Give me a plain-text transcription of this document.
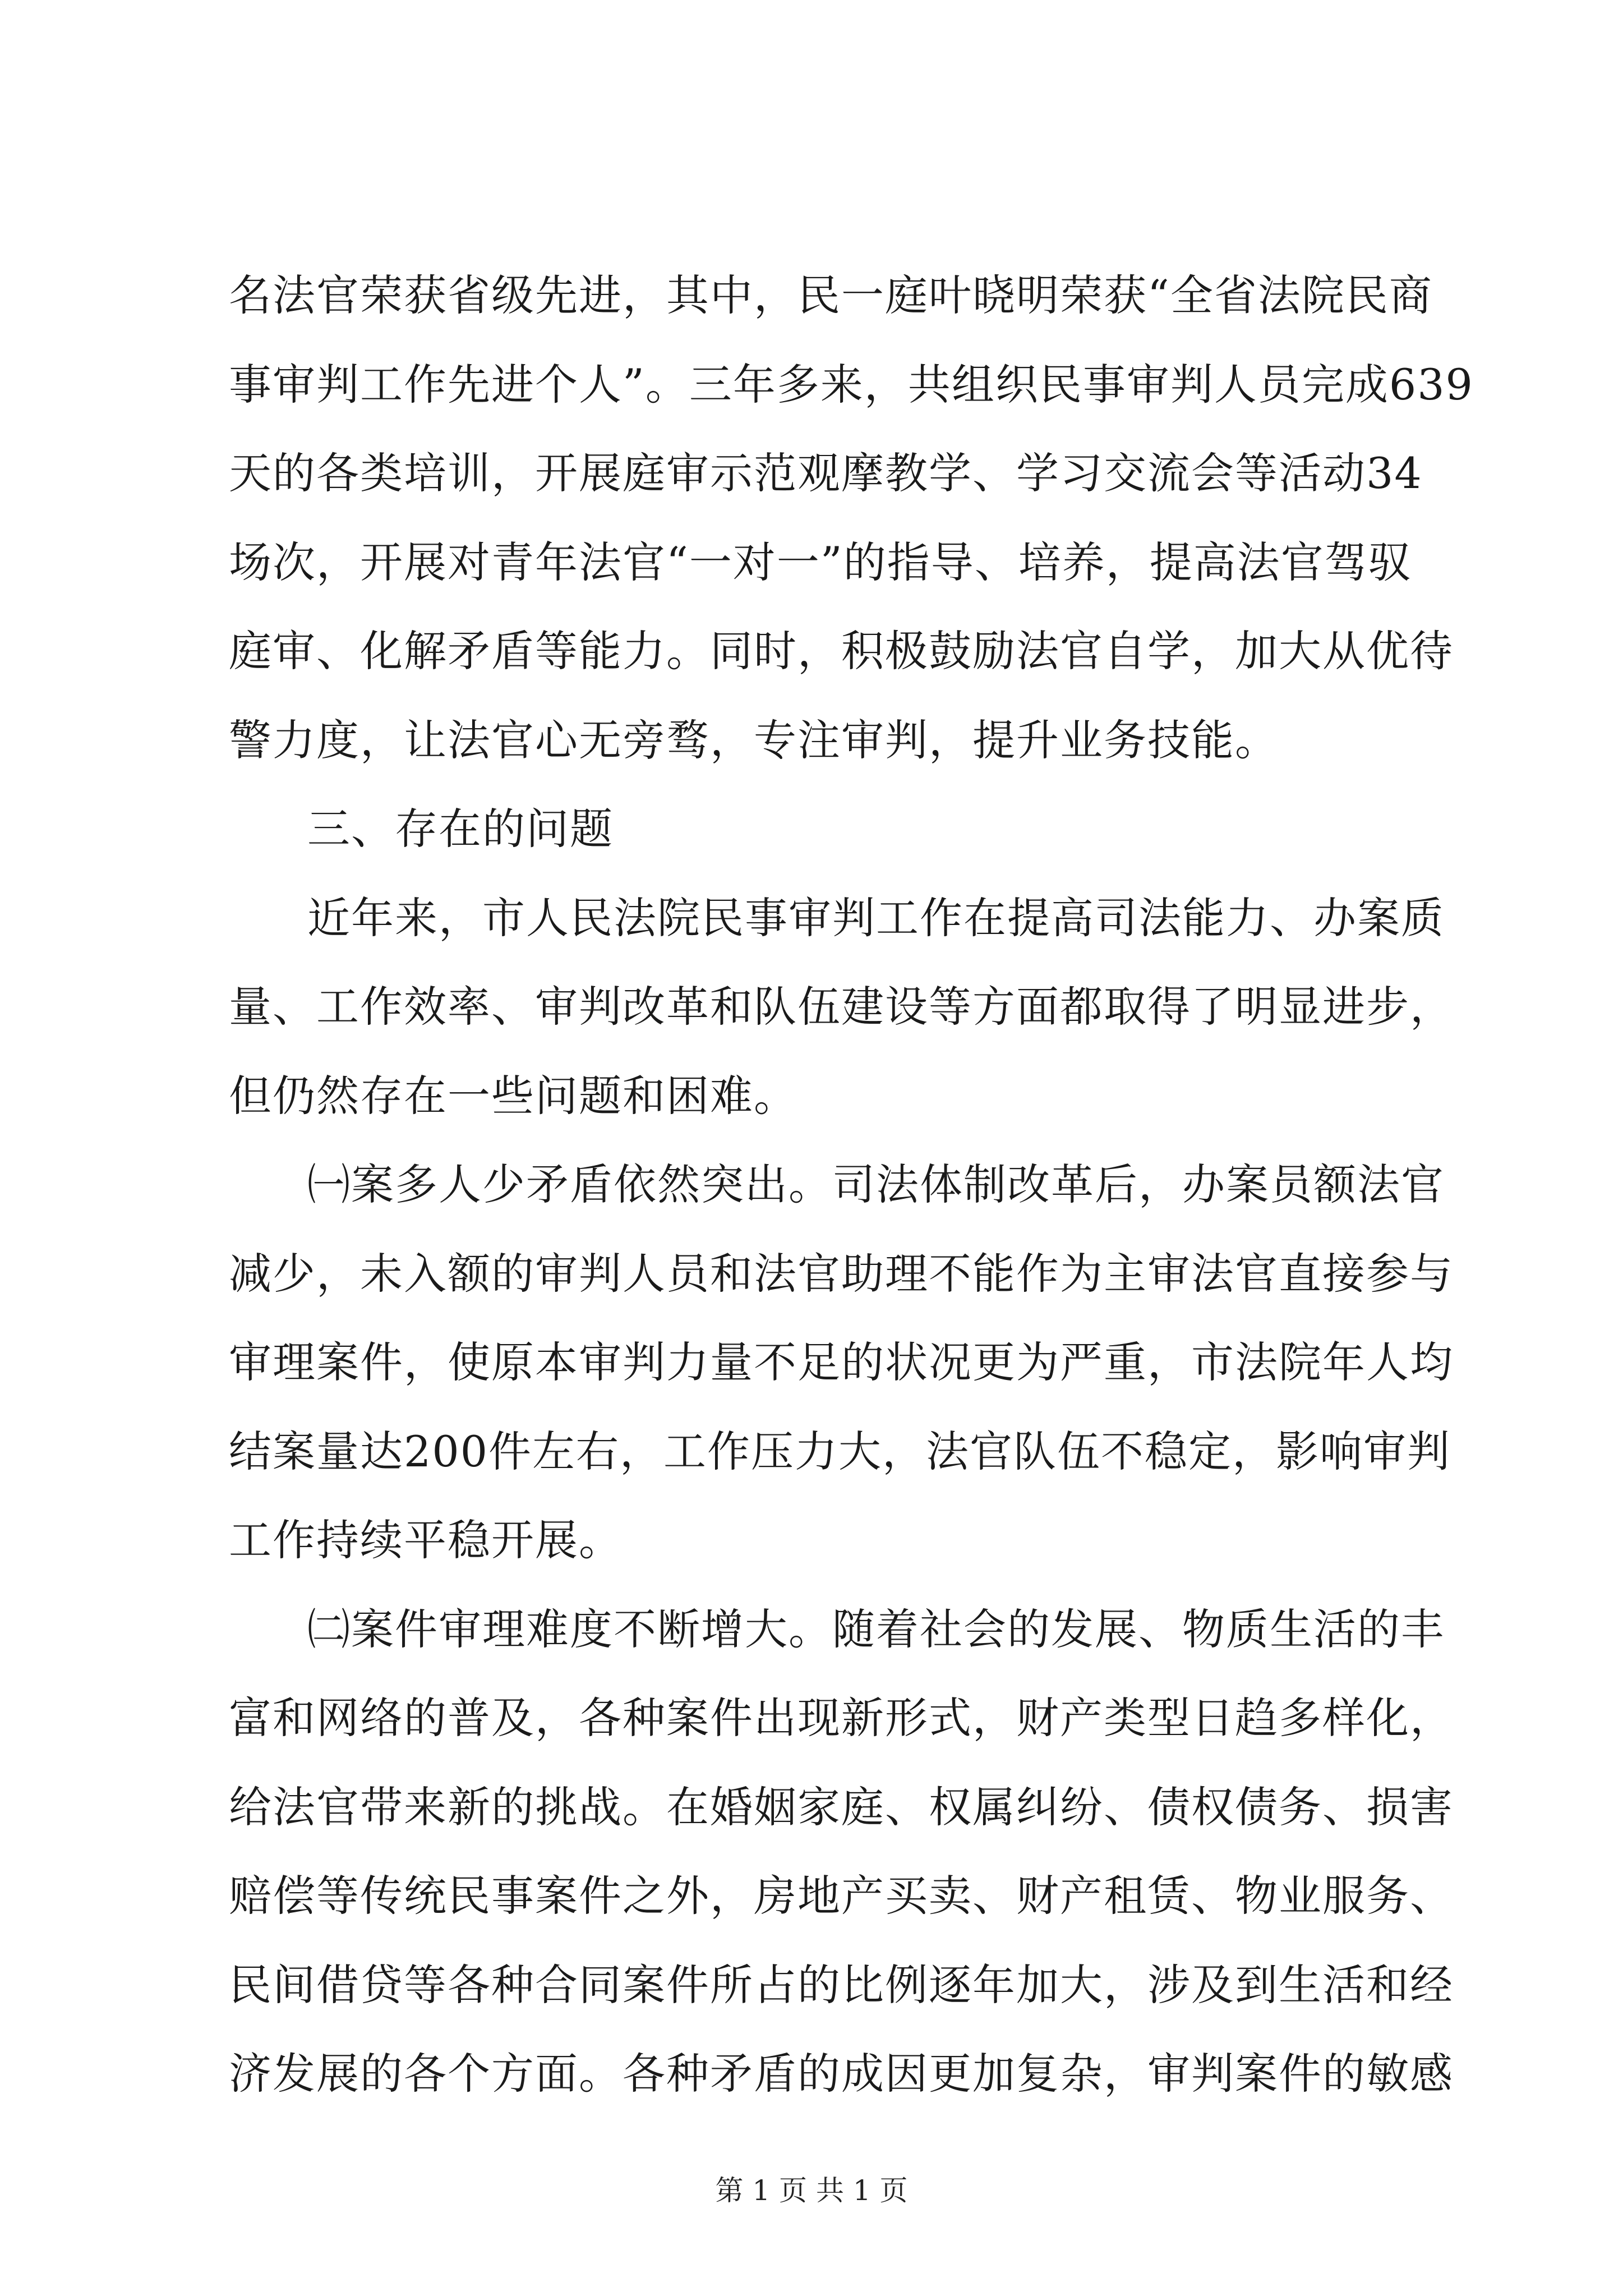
名法官荣获省级先进，其中，民一庭叶晓明荣获“全省法院民商
事审判工作先进个人”。三年多来，共组织民事审判人员完成639
天的各类培训，开展庭审示范观摩教学、学习交流会等活动34
场次，开展对青年法官“一对一”的指导、培养，提高法官驾驭
庭审、化解矛盾等能力。同时，积极鼓励法官自学，加大从优待
警力度，让法官心无旁骛，专注审判，提升业务技能。
三、存在的问题
近年来，市人民法院民事审判工作在提高司法能力、办案质
量、工作效率、审判改革和队伍建设等方面都取得了明显进步，
但仍然存在一些问题和困难。
㈠案多人少矛盾依然突出。司法体制改革后，办案员额法官
减少，未入额的审判人员和法官助理不能作为主审法官直接参与
审理案件，使原本审判力量不足的状况更为严重，市法院年人均
结案量达200件左右，工作压力大，法官队伍不稳定，影响审判
工作持续平稳开展。
㈡案件审理难度不断增大。随着社会的发展、物质生活的丰
富和网络的普及，各种案件出现新形式，财产类型日趋多样化，
给法官带来新的挑战。在婚姻家庭、权属纠纷、债权债务、损害
赔偿等传统民事案件之外，房地产买卖、财产租赁、物业服务、
民间借贷等各种合同案件所占的比例逐年加大，涉及到生活和经
济发展的各个方面。各种矛盾的成因更加复杂，审判案件的敏感
第 1 页 共 1 页
